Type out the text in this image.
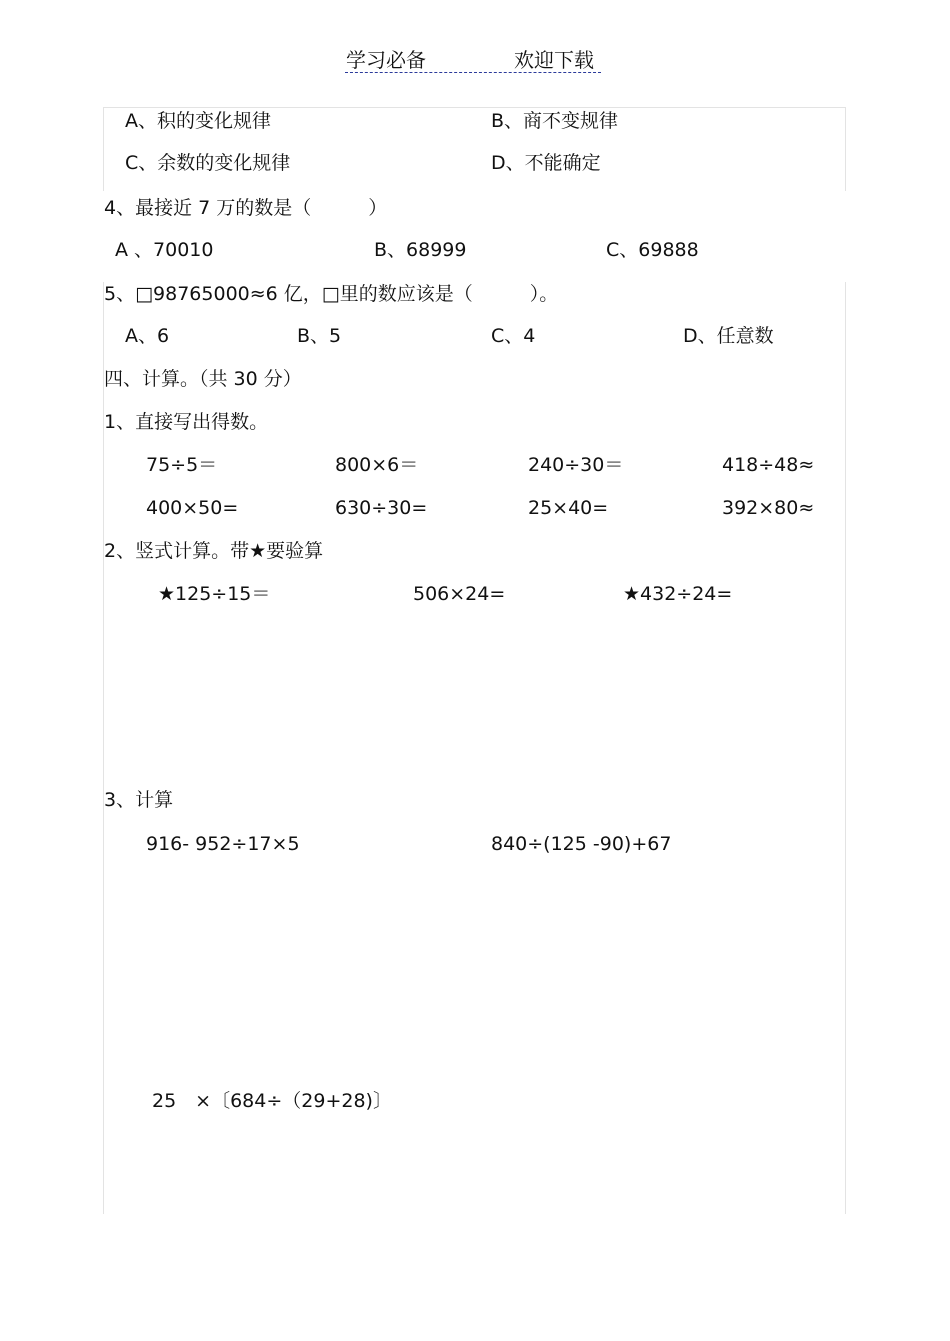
学习必备	欢迎下载
A、积的变化规律	B、商不变规律
C、余数的变化规律	D、不能确定
4、最接近 7 万的数是（　　　）
A 、70010	B、68999	C、69888
5、□98765000≈6 亿，□里的数应该是（　　　）。
A、6	B、5	C、4	D、任意数
四、计算。（共 30 分）
1、直接写出得数。
75÷5＝	800×6＝	240÷30＝	418÷48≈
400×50=	630÷30=	25×40=	392×80≈
2、竖式计算。带★要验算
★125÷15＝	506×24=	★432÷24=
3、计算
916- 952÷17×5	840÷(125 -90)+67
25　×〔684÷（29+28)〕
